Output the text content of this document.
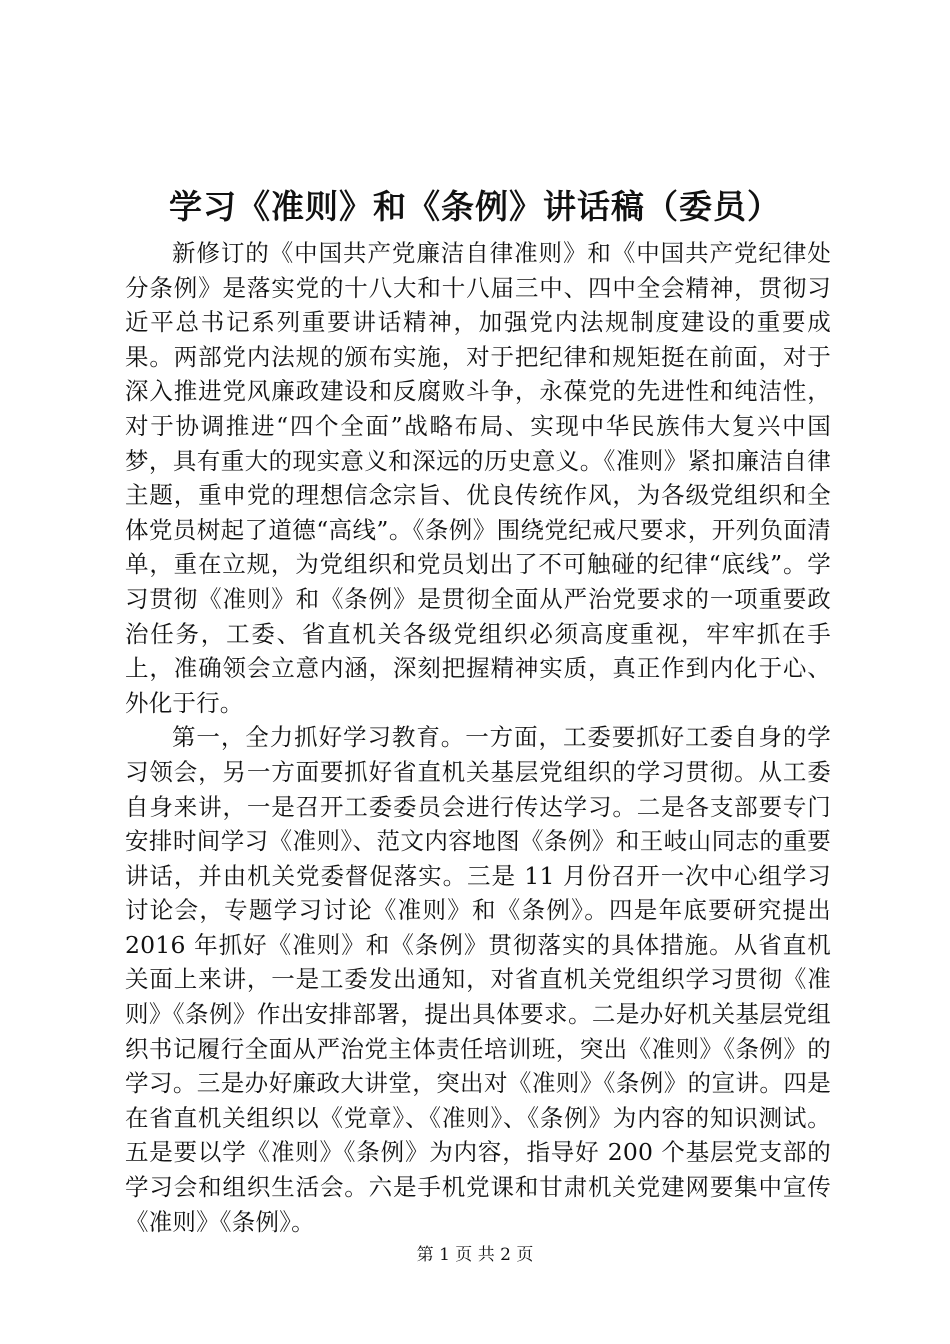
学习《准则》和《条例》讲话稿（委员）

新修订的《中国共产党廉洁自律准则》和《中国共产党纪律处分条例》是落实党的十八大和十八届三中、四中全会精神，贯彻习近平总书记系列重要讲话精神，加强党内法规制度建设的重要成果。两部党内法规的颁布实施，对于把纪律和规矩挺在前面，对于深入推进党风廉政建设和反腐败斗争，永葆党的先进性和纯洁性，对于协调推进“四个全面”战略布局、实现中华民族伟大复兴中国梦，具有重大的现实意义和深远的历史意义。《准则》紧扣廉洁自律主题，重申党的理想信念宗旨、优良传统作风，为各级党组织和全体党员树起了道德“高线”。《条例》围绕党纪戒尺要求，开列负面清单，重在立规，为党组织和党员划出了不可触碰的纪律“底线”。学习贯彻《准则》和《条例》是贯彻全面从严治党要求的一项重要政治任务，工委、省直机关各级党组织必须高度重视，牢牢抓在手上，准确领会立意内涵，深刻把握精神实质，真正作到内化于心、外化于行。

第一，全力抓好学习教育。一方面，工委要抓好工委自身的学习领会，另一方面要抓好省直机关基层党组织的学习贯彻。从工委自身来讲，一是召开工委委员会进行传达学习。二是各支部要专门安排时间学习《准则》、范文内容地图《条例》和王岐山同志的重要讲话，并由机关党委督促落实。三是 11 月份召开一次中心组学习讨论会，专题学习讨论《准则》和《条例》。四是年底要研究提出 2016 年抓好《准则》和《条例》贯彻落实的具体措施。从省直机关面上来讲，一是工委发出通知，对省直机关党组织学习贯彻《准则》《条例》作出安排部署，提出具体要求。二是办好机关基层党组织书记履行全面从严治党主体责任培训班，突出《准则》《条例》的学习。三是办好廉政大讲堂，突出对《准则》《条例》的宣讲。四是在省直机关组织以《党章》、《准则》、《条例》为内容的知识测试。五是要以学《准则》《条例》为内容，指导好 200 个基层党支部的学习会和组织生活会。六是手机党课和甘肃机关党建网要集中宣传《准则》《条例》。

第 1 页 共 2 页
